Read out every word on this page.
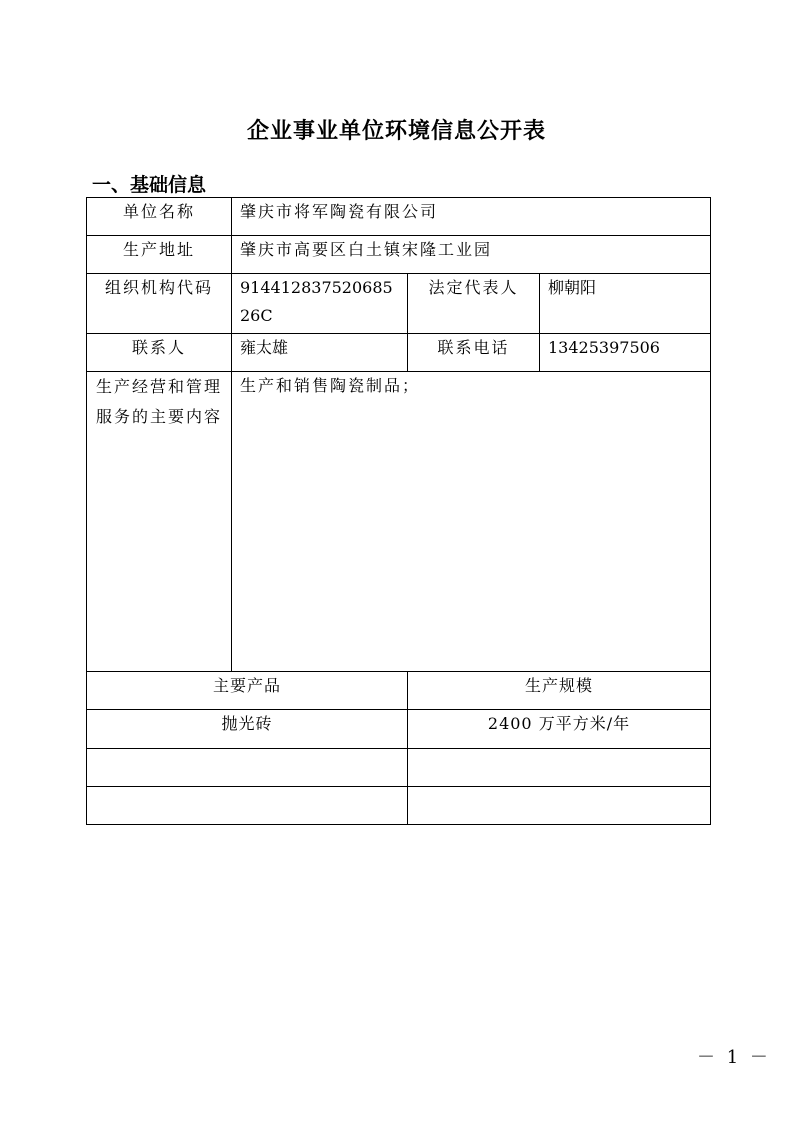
企业事业单位环境信息公开表
一、基础信息
单位名称	肇庆市将军陶瓷有限公司		
生产地址	肇庆市高要区白土镇宋隆工业园		
组织机构代码	91441283752068526C	法定代表人	柳朝阳
联系人	雍太雄	联系电话	13425397506
生产经营和管理服务的主要内容	生产和销售陶瓷制品；		
主要产品		生产规模	
抛光砖		2400 万平方米/年	

－ 1 －
